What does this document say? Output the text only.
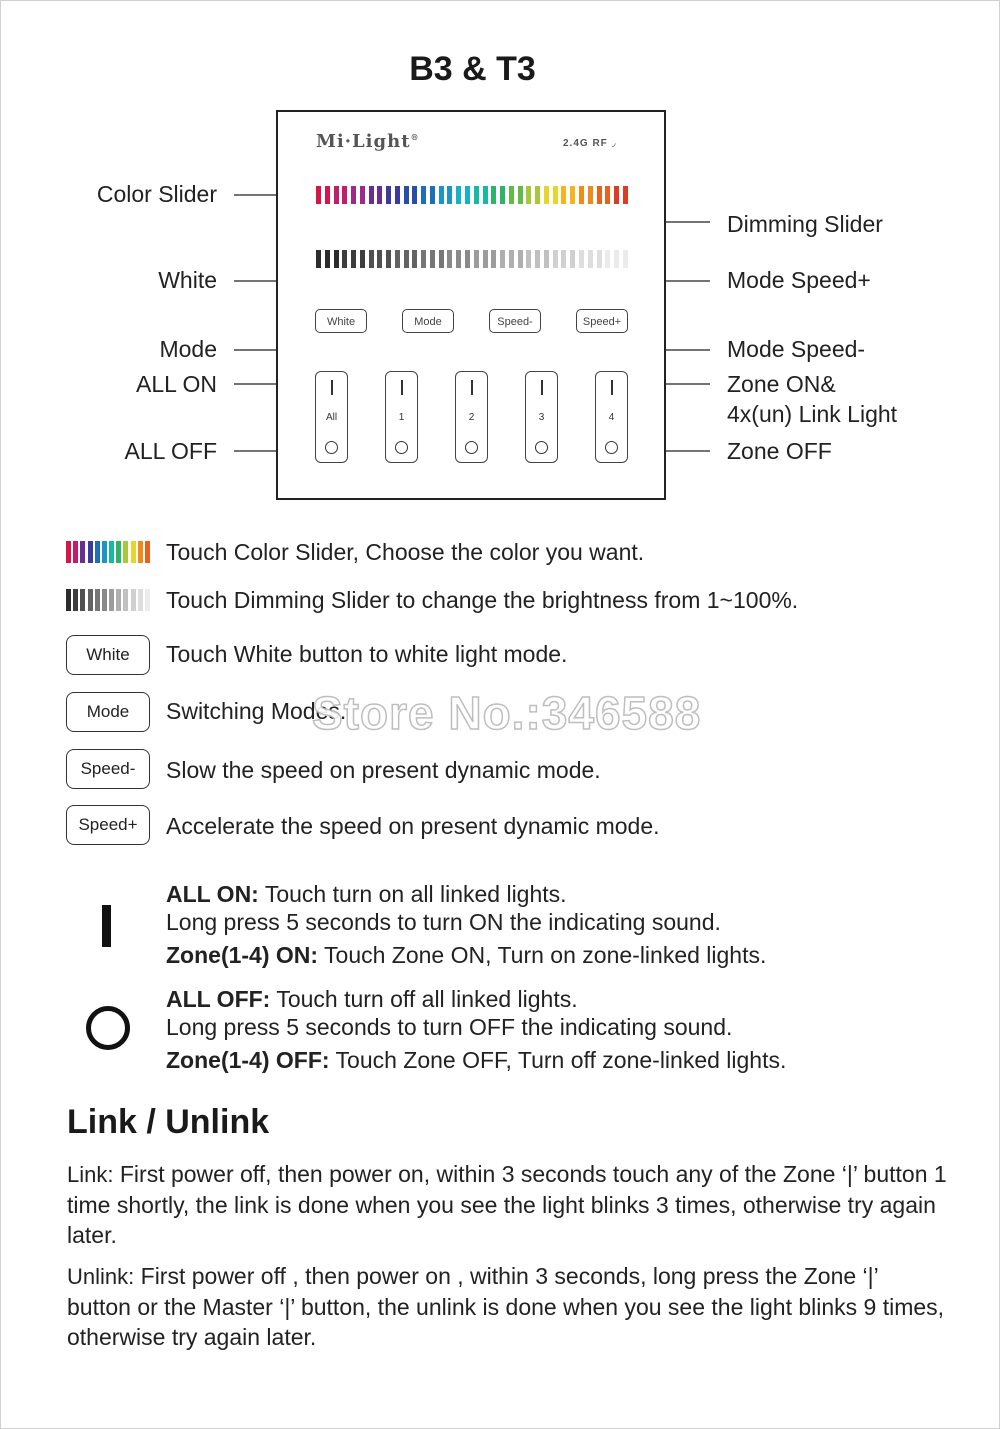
B3 & T3
Mi·Light®
2.4G RF ◞
White	Mode	Speed-	Speed+
All	1	2	3	4
Color Slider
White
Mode
ALL ON
ALL OFF
Dimming Slider
Mode Speed+
Mode Speed-
Zone ON&
4x(un) Link Light
Zone OFF
Touch Color Slider, Choose the color you want.
Touch Dimming Slider to change the brightness from 1~100%.
White	Touch White button to white light mode.
Mode	Switching Modes.
Speed-	Slow the speed on present dynamic mode.
Speed+	Accelerate the speed on present dynamic mode.
Store No.:346588
ALL ON: Touch turn on all linked lights.
Long press 5 seconds to turn ON the indicating sound.
Zone(1-4) ON: Touch Zone ON, Turn on zone-linked lights.
ALL OFF: Touch turn off all linked lights.
Long press 5 seconds to turn OFF the indicating sound.
Zone(1-4) OFF: Touch Zone OFF, Turn off zone-linked lights.
Link / Unlink
Link: First power off, then power on, within 3 seconds touch any of the Zone ‘|’ button 1 time shortly, the link is done when you see the light blinks 3 times, otherwise try again later.
Unlink: First power off , then power on , within 3 seconds, long press the Zone ‘|’ button or the Master ‘|’ button, the unlink is done when you see the light blinks 9 times, otherwise try again later.
